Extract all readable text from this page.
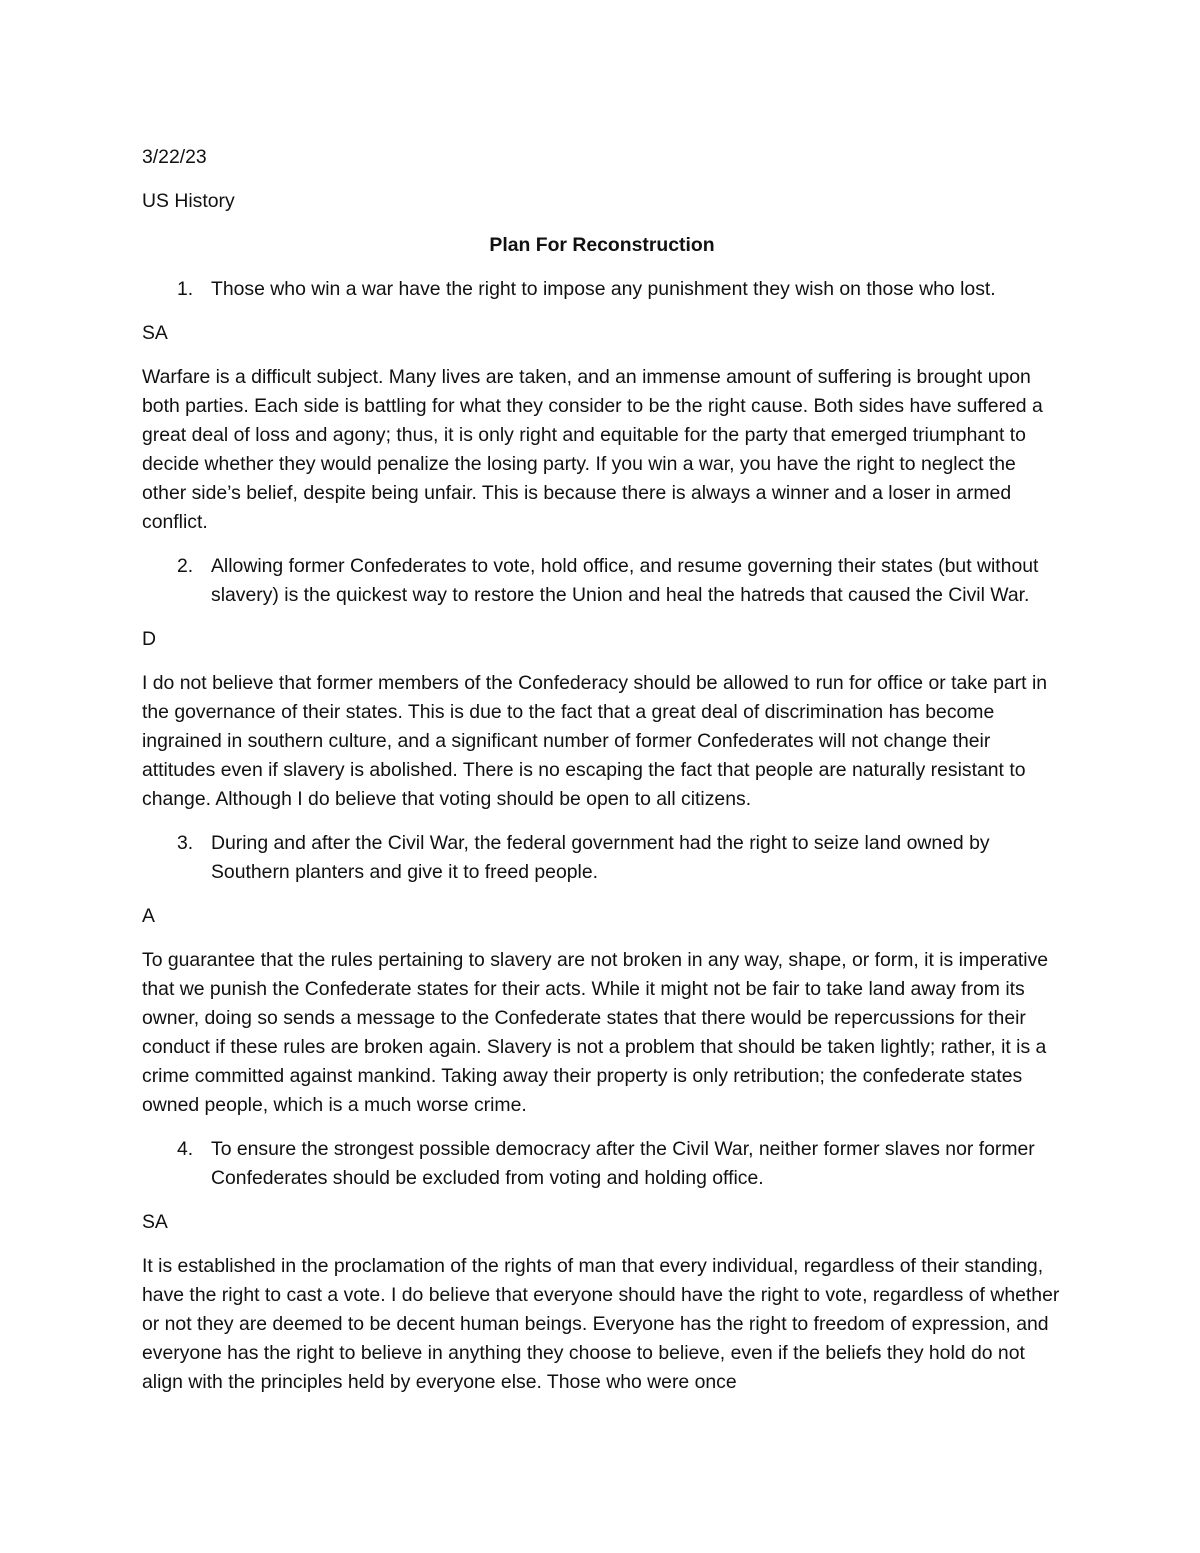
3/22/23

US History

Plan For Reconstruction

1. Those who win a war have the right to impose any punishment they wish on those who lost.

SA

Warfare is a difficult subject. Many lives are taken, and an immense amount of suffering is brought upon both parties. Each side is battling for what they consider to be the right cause. Both sides have suffered a great deal of loss and agony; thus, it is only right and equitable for the party that emerged triumphant to decide whether they would penalize the losing party. If you win a war, you have the right to neglect the other side’s belief, despite being unfair. This is because there is always a winner and a loser in armed conflict.

2. Allowing former Confederates to vote, hold office, and resume governing their states (but without slavery) is the quickest way to restore the Union and heal the hatreds that caused the Civil War.

D

I do not believe that former members of the Confederacy should be allowed to run for office or take part in the governance of their states. This is due to the fact that a great deal of discrimination has become ingrained in southern culture, and a significant number of former Confederates will not change their attitudes even if slavery is abolished. There is no escaping the fact that people are naturally resistant to change. Although I do believe that voting should be open to all citizens.

3. During and after the Civil War, the federal government had the right to seize land owned by Southern planters and give it to freed people.

A

To guarantee that the rules pertaining to slavery are not broken in any way, shape, or form, it is imperative that we punish the Confederate states for their acts. While it might not be fair to take land away from its owner, doing so sends a message to the Confederate states that there would be repercussions for their conduct if these rules are broken again. Slavery is not a problem that should be taken lightly; rather, it is a crime committed against mankind. Taking away their property is only retribution; the confederate states owned people, which is a much worse crime.

4. To ensure the strongest possible democracy after the Civil War, neither former slaves nor former Confederates should be excluded from voting and holding office.

SA

It is established in the proclamation of the rights of man that every individual, regardless of their standing, have the right to cast a vote. I do believe that everyone should have the right to vote, regardless of whether or not they are deemed to be decent human beings. Everyone has the right to freedom of expression, and everyone has the right to believe in anything they choose to believe, even if the beliefs they hold do not align with the principles held by everyone else. Those who were once
